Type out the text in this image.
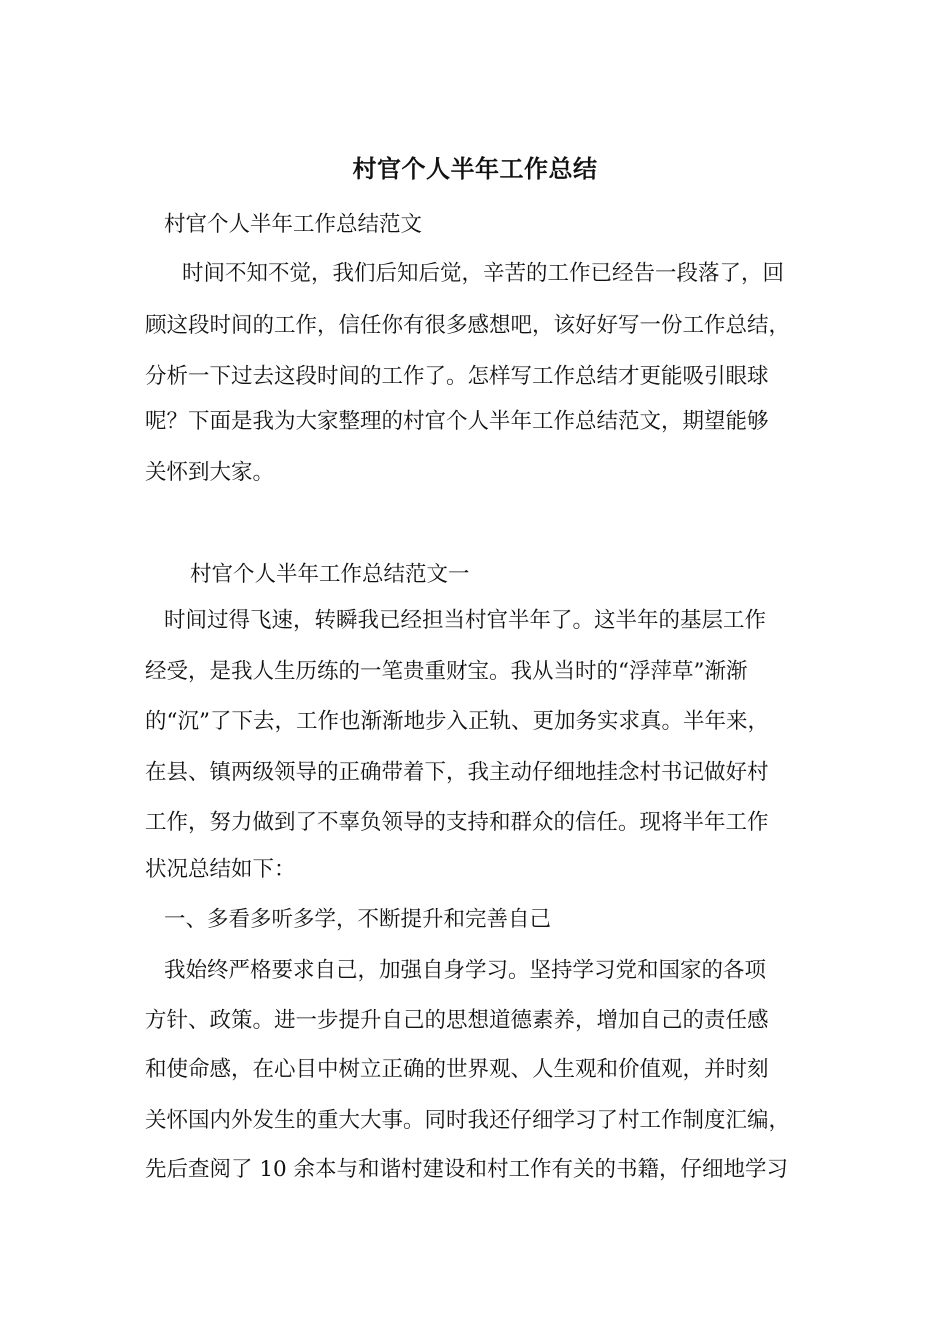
村官个人半年工作总结
村官个人半年工作总结范文
时间不知不觉，我们后知后觉，辛苦的工作已经告一段落了，回
顾这段时间的工作，信任你有很多感想吧，该好好写一份工作总结，
分析一下过去这段时间的工作了。怎样写工作总结才更能吸引眼球
呢？下面是我为大家整理的村官个人半年工作总结范文，期望能够
关怀到大家。
村官个人半年工作总结范文一
时间过得飞速，转瞬我已经担当村官半年了。这半年的基层工作
经受，是我人生历练的一笔贵重财宝。我从当时的“浮萍草”渐渐
的“沉”了下去，工作也渐渐地步入正轨、更加务实求真。半年来，
在县、镇两级领导的正确带着下，我主动仔细地挂念村书记做好村
工作，努力做到了不辜负领导的支持和群众的信任。现将半年工作
状况总结如下：
一、多看多听多学，不断提升和完善自己
我始终严格要求自己，加强自身学习。坚持学习党和国家的各项
方针、政策。进一步提升自己的思想道德素养，增加自己的责任感
和使命感，在心目中树立正确的世界观、人生观和价值观，并时刻
关怀国内外发生的重大大事。同时我还仔细学习了村工作制度汇编，
先后查阅了 10 余本与和谐村建设和村工作有关的书籍，仔细地学习
